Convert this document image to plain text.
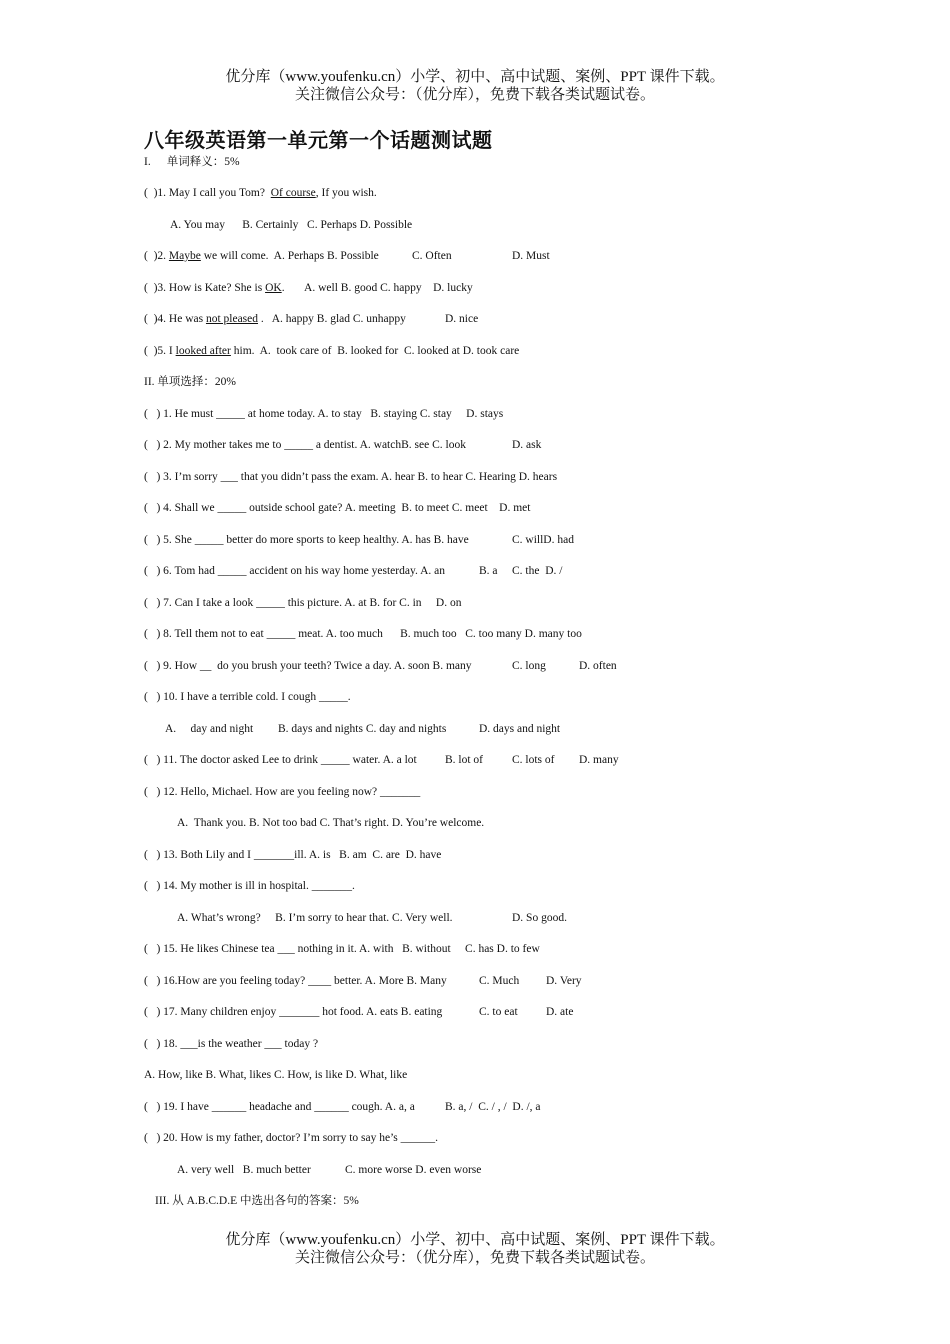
优分库（www.youfenku.cn）小学、初中、高中试题、案例、PPT 课件下载。
关注微信公众号：（优分库），免费下载各类试题试卷。
八年级英语第一单元第一个话题测试题
I. 单词释义：5%
(  )1. May I call you Tom?  Of course, If you wish.
A. You may      B. Certainly   C. Perhaps D. Possible
(  )2. Maybe we will come.  A. Perhaps B. Possible	C. Often	D. Must
(  )3. How is Kate? She is OK.       A. well B. good C. happy    D. lucky
(  )4. He was not pleased .   A. happy B. glad C. unhappy	D. nice
(  )5. I looked after him.  A.  took care of  B. looked for  C. looked at D. took care
II. 单项选择：20%
(   ) 1. He must _____ at home today. A. to stay   B. staying C. stay     D. stays
(   ) 2. My mother takes me to _____ a dentist. A. watchB. see C. look	D. ask
(   ) 3. I’m sorry ___ that you didn’t pass the exam. A. hear B. to hear C. Hearing D. hears
(   ) 4. Shall we _____ outside school gate? A. meeting  B. to meet C. meet    D. met
(   ) 5. She _____ better do more sports to keep healthy. A. has B. have	C. willD. had
(   ) 6. Tom had _____ accident on his way home yesterday. A. an	B. a C. the  D. /
(   ) 7. Can I take a look _____ this picture. A. at B. for C. in     D. on
(   ) 8. Tell them not to eat _____ meat. A. too much      B. much too   C. too many D. many too
(   ) 9. How __  do you brush your teeth? Twice a day. A. soon B. many	C. long	D. often
(   ) 10. I have a terrible cold. I cough _____.
A.     day and night B. days and nights C. day and nights	D. days and night
(   ) 11. The doctor asked Lee to drink _____ water. A. a lot B. lot of	C. lots of D. many
(   ) 12. Hello, Michael. How are you feeling now? _______
A.  Thank you. B. Not too bad C. That’s right. D. You’re welcome.
(   ) 13. Both Lily and I _______ill. A. is   B. am  C. are  D. have
(   ) 14. My mother is ill in hospital. _______.
A. What’s wrong?     B. I’m sorry to hear that. C. Very well.	D. So good.
(   ) 15. He likes Chinese tea ___ nothing in it. A. with   B. without     C. has D. to few
(   ) 16.How are you feeling today? ____ better. A. More B. Many	C. Much D. Very
(   ) 17. Many children enjoy _______ hot food. A. eats B. eating	C. to eat D. ate
(   ) 18. ___is the weather ___ today ?
A. How, like B. What, likes C. How, is like D. What, like
(   ) 19. I have ______ headache and ______ cough. A. a, a	B. a, /  C. / , /  D. /, a
(   ) 20. How is my father, doctor? I’m sorry to say he’s ______.
A. very well   B. much better	C. more worse D. even worse
III. 从 A.B.C.D.E 中选出各句的答案：5%
优分库（www.youfenku.cn）小学、初中、高中试题、案例、PPT 课件下载。
关注微信公众号：（优分库），免费下载各类试题试卷。
